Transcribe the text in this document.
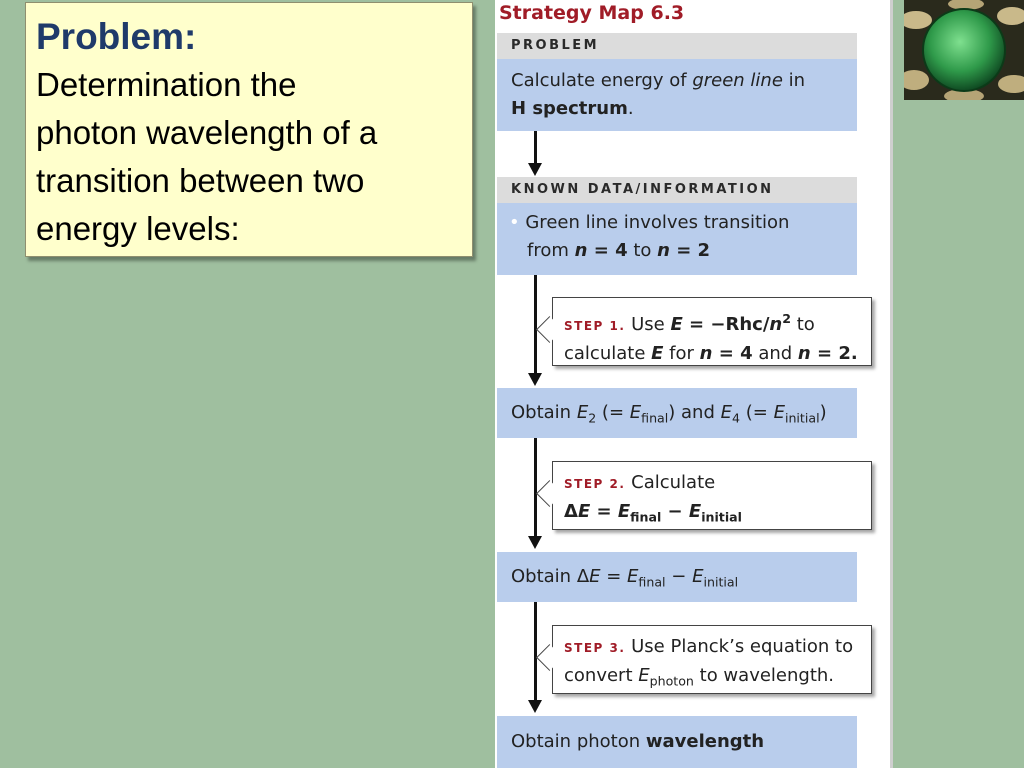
Problem:
Determination the
photon wavelength of a
transition between two
energy levels:
Strategy Map 6.3
PROBLEM
Calculate energy of green line in
H spectrum.
KNOWN DATA/INFORMATION
• Green line involves transition
from n = 4 to n = 2
STEP 1. Use $E = -Rhc/n^2$ to
calculate E for n = 4 and n = 2.
Obtain $E_2$ (= $E_{final}$) and $E_4$ (= $E_{initial}$)
STEP 2. Calculate
$\Delta E = E_{final} - E_{initial}$
Obtain $\Delta E = E_{final} - E_{initial}$
STEP 3. Use Planck’s equation to
convert $E_{photon}$ to wavelength.
Obtain photon wavelength
